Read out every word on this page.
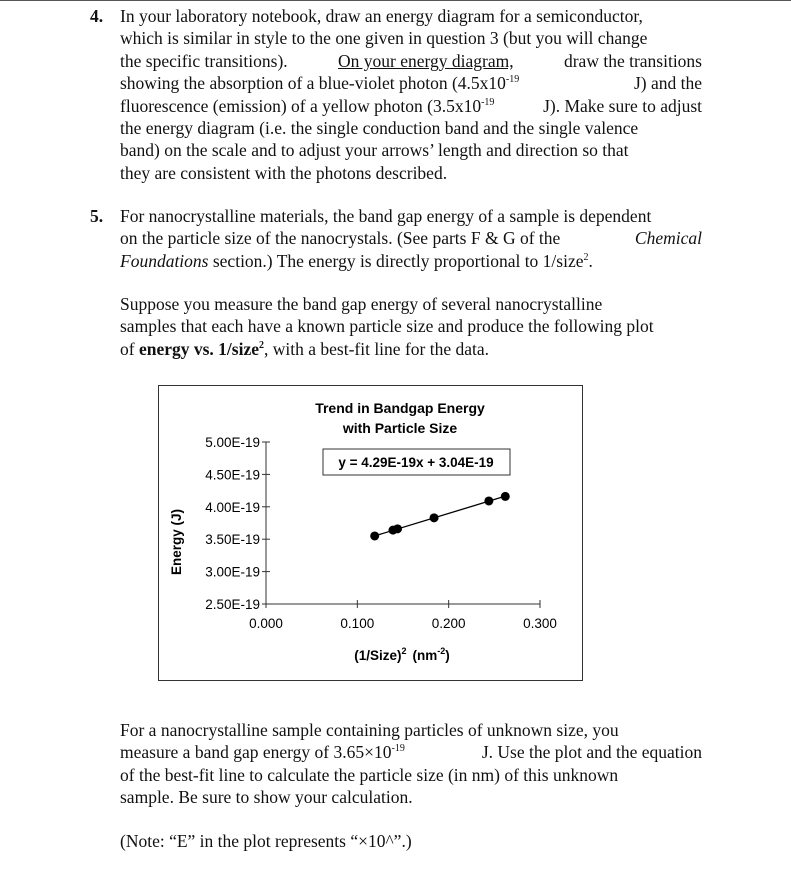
4. In your laboratory notebook, draw an energy diagram for a semiconductor,
which is similar in style to the one given in question 3 (but you will change
the specific transitions).	On your energy diagram,	draw the transitions
showing the absorption of a blue-violet photon ($4.5x10^{-19}$	J) and the
fluorescence (emission) of a yellow photon ($3.5x10^{-19}$	J). Make sure to adjust
the energy diagram (i.e. the single conduction band and the single valence
band) on the scale and to adjust your arrows’ length and direction so that
they are consistent with the photons described.
5. For nanocrystalline materials, the band gap energy of a sample is dependent
on the particle size of the nanocrystals. (See parts F & G of the	Chemical
Foundations section.) The energy is directly proportional to 1/size$^2$.
Suppose you measure the band gap energy of several nanocrystalline
samples that each have a known particle size and produce the following plot
of energy vs. 1/size$^2$, with a best-fit line for the data.
Trend in Bandgap Energy
with Particle Size
y = 4.29E-19x + 3.04E-19
Energy (J)
(1/Size)$^2$ $(nm^{-2})$
5.00E-19
4.50E-19
4.00E-19
3.50E-19
3.00E-19
2.50E-19
0.000	0.100	0.200	0.300
For a nanocrystalline sample containing particles of unknown size, you
measure a band gap energy of $3.65\times 10^{-19}$	J. Use the plot and the equation
of the best-fit line to calculate the particle size (in nm) of this unknown
sample. Be sure to show your calculation.
(Note: “E” in the plot represents “×10^”.)
